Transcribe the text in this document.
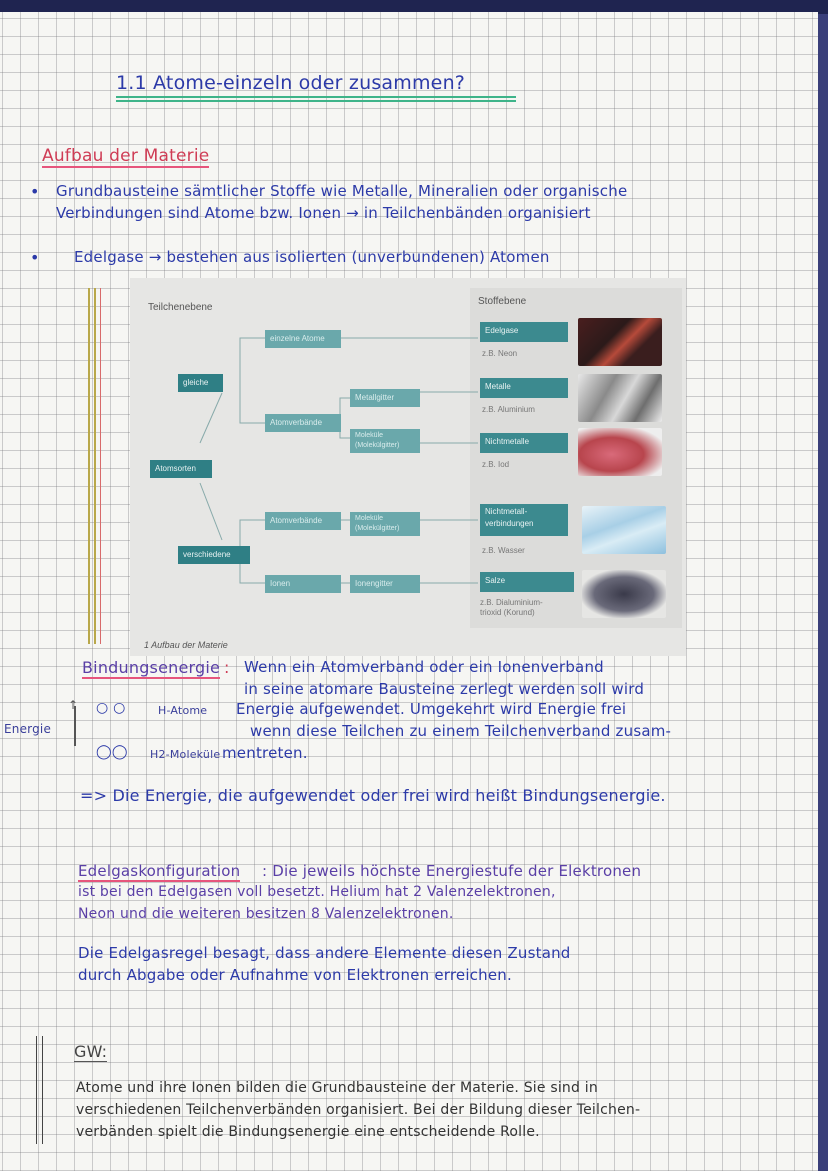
1.1 Atome-einzeln oder zusammen?
Aufbau der Materie
• Grundbausteine sämtlicher Stoffe wie Metalle, Mineralien oder organische
Verbindungen sind Atome bzw. Ionen → in Teilchenbänden organisiert
• Edelgase → bestehen aus isolierten (unverbundenen) Atomen
Teilchenebene
Stoffebene
gleiche
Atomsorten
verschiedene
einzelne Atome
Atomverbände
Metallgitter
Moleküle (Molekülgitter)
Atomverbände	Moleküle (Molekülgitter)
Ionen	Ionengitter
Edelgase
z.B. Neon
Metalle
z.B. Aluminium
Nichtmetalle
z.B. Iod
Nichtmetall-verbindungen
z.B. Wasser
Salze
z.B. Dialuminium-trioxid (Korund)
1 Aufbau der Materie
Bindungsenergie : Wenn ein Atomverband oder ein Ionenverband
in seine atomare Bausteine zerlegt werden soll wird
○ ○	H-Atome Energie aufgewendet. Umgekehrt wird Energie frei
Energie
↑
wenn diese Teilchen zu einem Teilchenverband zusam-
◯◯ H2-Moleküle mentreten.
=> Die Energie, die aufgewendet oder frei wird heißt Bindungsenergie.
Edelgaskonfiguration : Die jeweils höchste Energiestufe der Elektronen
ist bei den Edelgasen voll besetzt. Helium hat 2 Valenzelektronen,
Neon und die weiteren besitzen 8 Valenzelektronen.
Die Edelgasregel besagt, dass andere Elemente diesen Zustand
durch Abgabe oder Aufnahme von Elektronen erreichen.
GW:
Atome und ihre Ionen bilden die Grundbausteine der Materie. Sie sind in
verschiedenen Teilchenverbänden organisiert. Bei der Bildung dieser Teilchen-
verbänden spielt die Bindungsenergie eine entscheidende Rolle.
